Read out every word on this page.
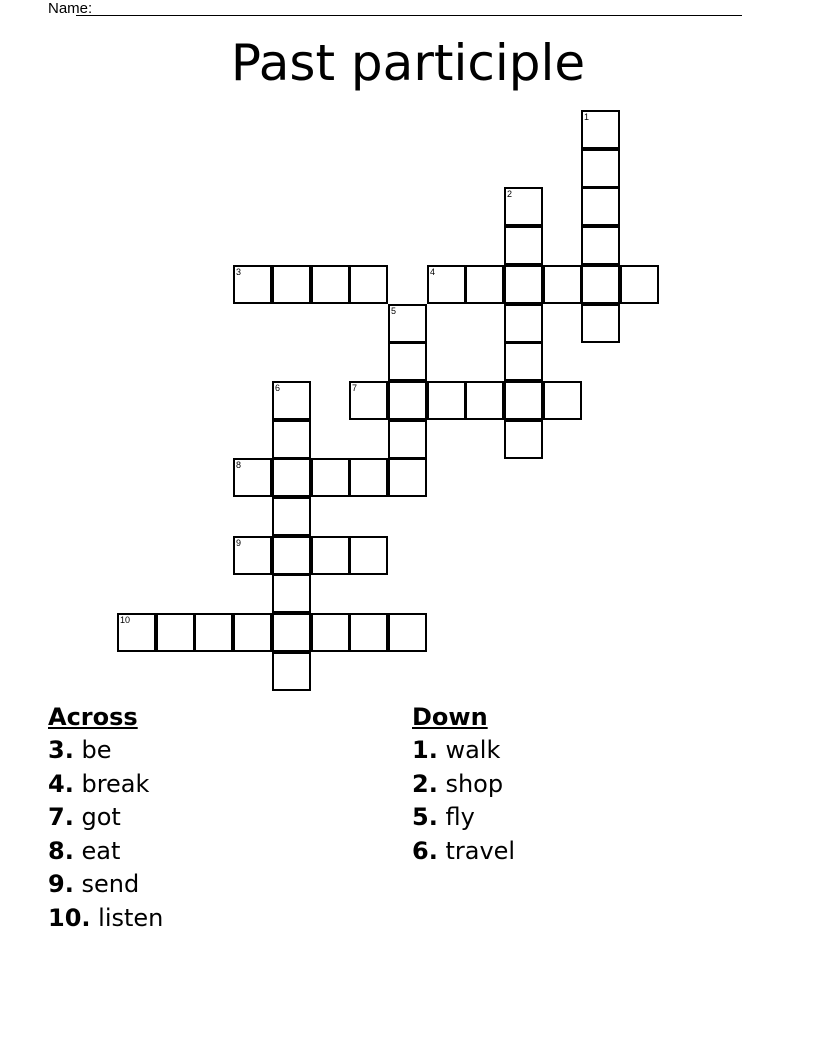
Name:
Past participle
1
2
3	4
5
6	7
8
9
10
Across
3. be
4. break
7. got
8. eat
9. send
10. listen
Down
1. walk
2. shop
5. fly
6. travel
